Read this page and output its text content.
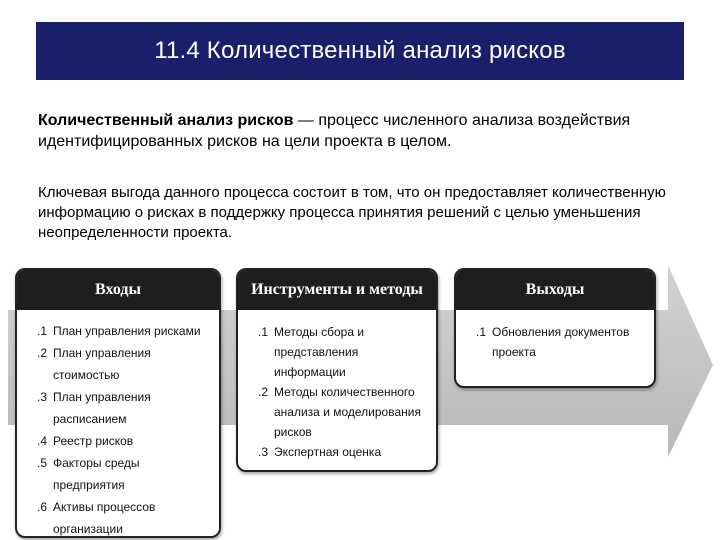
11.4 Количественный анализ рисков
Количественный анализ рисков — процесс численного анализа воздействия идентифицированных рисков на цели проекта в целом.
Ключевая выгода данного процесса состоит в том, что он предоставляет количественную информацию о рисках в поддержку процесса принятия решений с целью уменьшения неопределенности проекта.
Входы
.1 План управления рисками
.2 План управления стоимостью
.3 План управления расписанием
.4 Реестр рисков
.5 Факторы среды предприятия
.6 Активы процессов организации
Инструменты и методы
.1 Методы сбора и представления информации
.2 Методы количественного анализа и моделирования рисков
.3 Экспертная оценка
Выходы
.1 Обновления документов проекта
